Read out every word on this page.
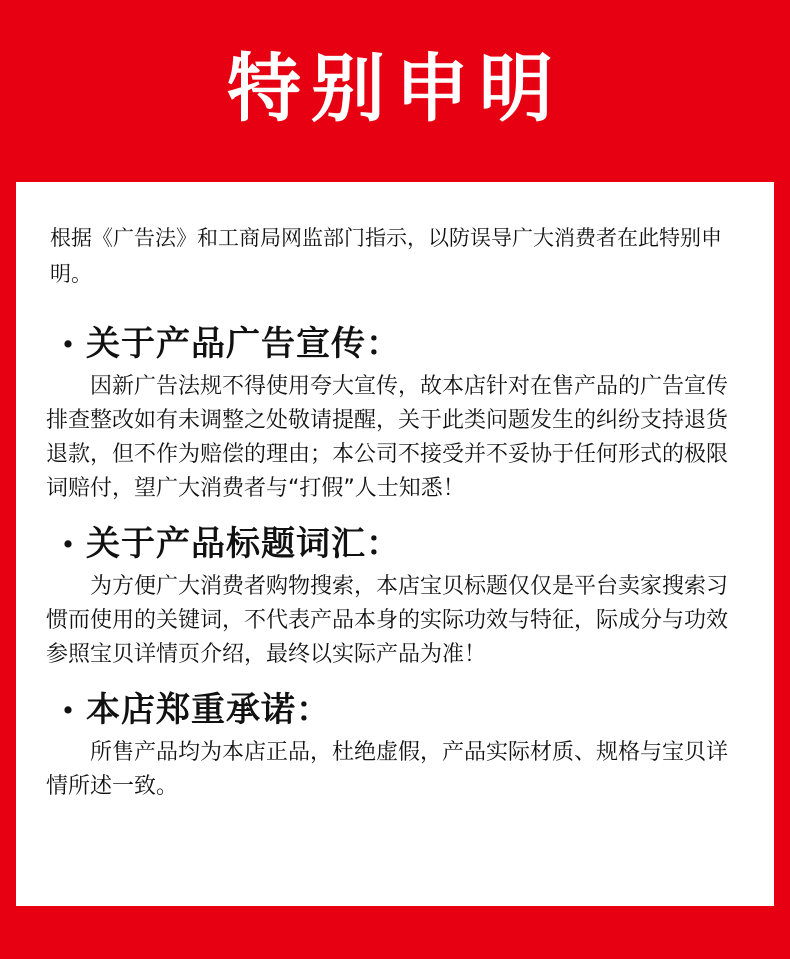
特别申明

根据《广告法》和工商局网监部门指示，以防误导广大消费者在此特别申明。

• 关于产品广告宣传：

因新广告法规不得使用夸大宣传，故本店针对在售产品的广告宣传排查整改如有未调整之处敬请提醒，关于此类问题发生的纠纷支持退货退款，但不作为赔偿的理由；本公司不接受并不妥协于任何形式的极限词赔付，望广大消费者与“打假”人士知悉！

• 关于产品标题词汇：

为方便广大消费者购物搜索，本店宝贝标题仅仅是平台卖家搜索习惯而使用的关键词，不代表产品本身的实际功效与特征，际成分与功效参照宝贝详情页介绍，最终以实际产品为准！

• 本店郑重承诺：

所售产品均为本店正品，杜绝虚假，产品实际材质、规格与宝贝详情所述一致。
